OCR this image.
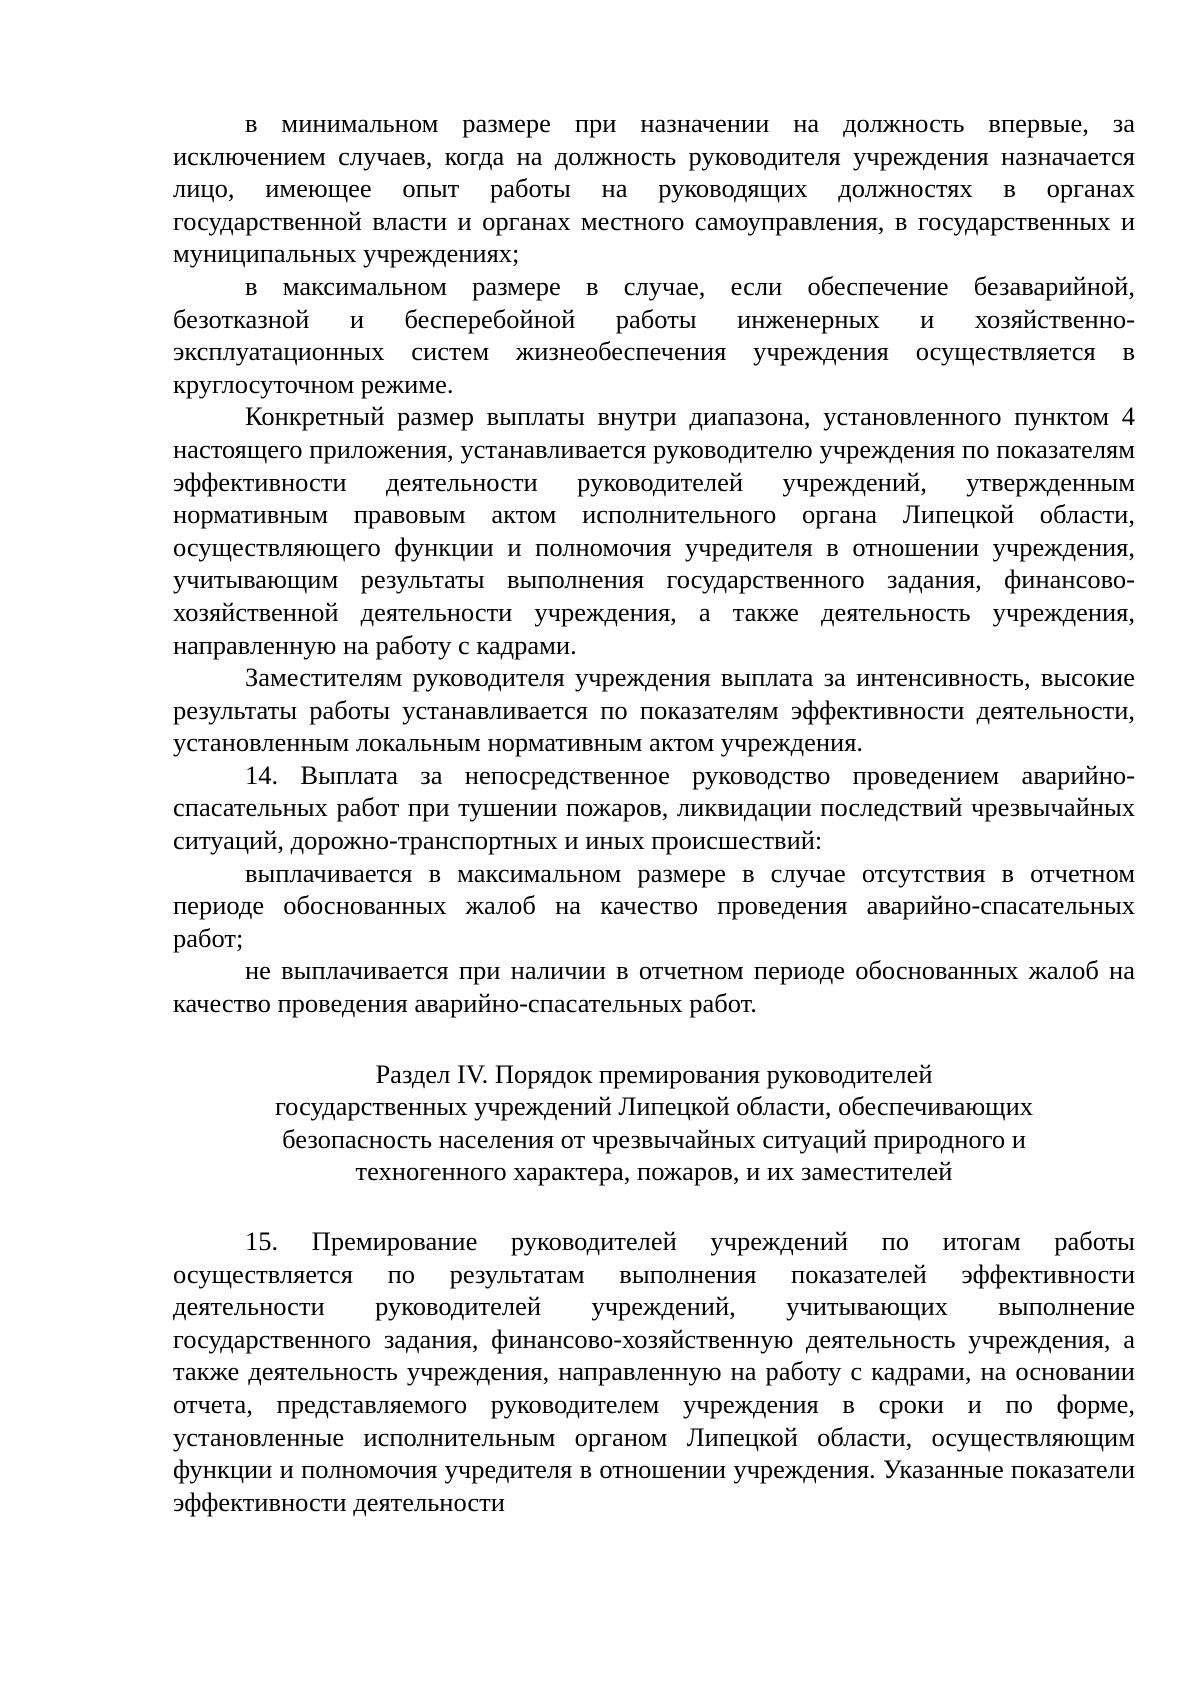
в минимальном размере при назначении на должность впервые, за исключением случаев, когда на должность руководителя учреждения назначается лицо, имеющее опыт работы на руководящих должностях в органах государственной власти и органах местного самоуправления, в государственных и муниципальных учреждениях;

в максимальном размере в случае, если обеспечение безаварийной, безотказной и бесперебойной работы инженерных и хозяйственно-эксплуатационных систем жизнеобеспечения учреждения осуществляется в круглосуточном режиме.

Конкретный размер выплаты внутри диапазона, установленного пунктом 4 настоящего приложения, устанавливается руководителю учреждения по показателям эффективности деятельности руководителей учреждений, утвержденным нормативным правовым актом исполнительного органа Липецкой области, осуществляющего функции и полномочия учредителя в отношении учреждения, учитывающим результаты выполнения государственного задания, финансово-хозяйственной деятельности учреждения, а также деятельность учреждения, направленную на работу с кадрами.

Заместителям руководителя учреждения выплата за интенсивность, высокие результаты работы устанавливается по показателям эффективности деятельности, установленным локальным нормативным актом учреждения.

14. Выплата за непосредственное руководство проведением аварийно-спасательных работ при тушении пожаров, ликвидации последствий чрезвычайных ситуаций, дорожно-транспортных и иных происшествий:

выплачивается в максимальном размере в случае отсутствия в отчетном периоде обоснованных жалоб на качество проведения аварийно-спасательных работ;

не выплачивается при наличии в отчетном периоде обоснованных жалоб на качество проведения аварийно-спасательных работ.

Раздел IV. Порядок премирования руководителей
государственных учреждений Липецкой области, обеспечивающих
безопасность населения от чрезвычайных ситуаций природного и
техногенного характера, пожаров, и их заместителей

15. Премирование руководителей учреждений по итогам работы осуществляется по результатам выполнения показателей эффективности деятельности руководителей учреждений, учитывающих выполнение государственного задания, финансово-хозяйственную деятельность учреждения, а также деятельность учреждения, направленную на работу с кадрами, на основании отчета, представляемого руководителем учреждения в сроки и по форме, установленные исполнительным органом Липецкой области, осуществляющим функции и полномочия учредителя в отношении учреждения. Указанные показатели эффективности деятельности
